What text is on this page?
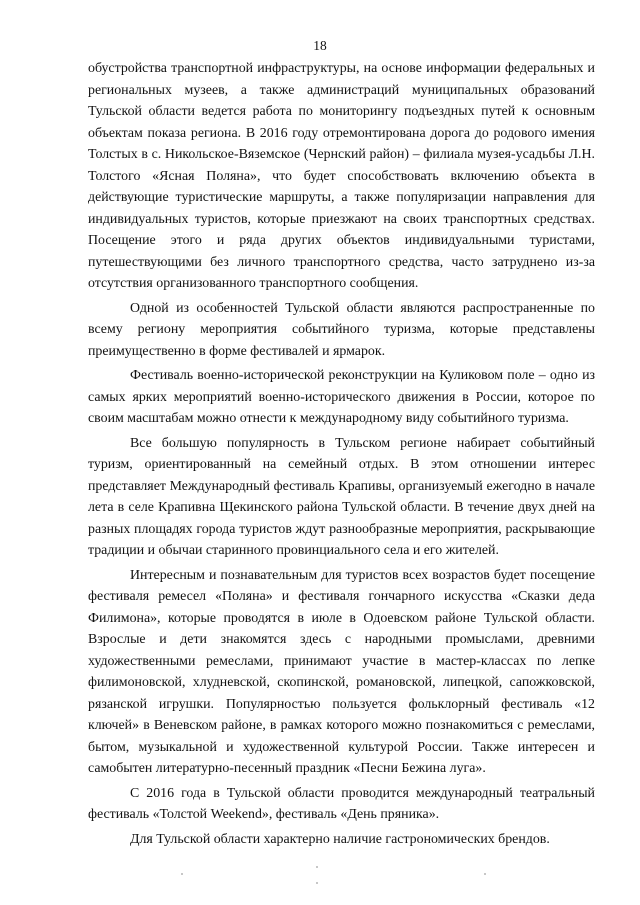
18

обустройства транспортной инфраструктуры, на основе информации федеральных и региональных музеев, а также администраций муниципальных образований Тульской области ведется работа по мониторингу подъездных путей к основным объектам показа региона. В 2016 году отремонтирована дорога до родового имения Толстых в с. Никольское-Вяземское (Чернский район) – филиала музея-усадьбы Л.Н. Толстого «Ясная Поляна», что будет способствовать включению объекта в действующие туристические маршруты, а также популяризации направления для индивидуальных туристов, которые приезжают на своих транспортных средствах. Посещение этого и ряда других объектов индивидуальными туристами, путешествующими без личного транспортного средства, часто затруднено из-за отсутствия организованного транспортного сообщения.

Одной из особенностей Тульской области являются распространенные по всему региону мероприятия событийного туризма, которые представлены преимущественно в форме фестивалей и ярмарок.

Фестиваль военно-исторической реконструкции на Куликовом поле – одно из самых ярких мероприятий военно-исторического движения в России, которое по своим масштабам можно отнести к международному виду событийного туризма.

Все большую популярность в Тульском регионе набирает событийный туризм, ориентированный на семейный отдых. В этом отношении интерес представляет Международный фестиваль Крапивы, организуемый ежегодно в начале лета в селе Крапивна Щекинского района Тульской области. В течение двух дней на разных площадях города туристов ждут разнообразные мероприятия, раскрывающие традиции и обычаи старинного провинциального села и его жителей.

Интересным и познавательным для туристов всех возрастов будет посещение фестиваля ремесел «Поляна» и фестиваля гончарного искусства «Сказки деда Филимона», которые проводятся в июле в Одоевском районе Тульской области. Взрослые и дети знакомятся здесь с народными промыслами, древними художественными ремеслами, принимают участие в мастер-классах по лепке филимоновской, хлудневской, скопинской, романовской, липецкой, сапожковской, рязанской игрушки. Популярностью пользуется фольклорный фестиваль «12 ключей» в Веневском районе, в рамках которого можно познакомиться с ремеслами, бытом, музыкальной и художественной культурой России. Также интересен и самобытен литературно-песенный праздник «Песни Бежина луга».

С 2016 года в Тульской области проводится международный театральный фестиваль «Толстой Weekend», фестиваль «День пряника».

Для Тульской области характерно наличие гастрономических брендов.
